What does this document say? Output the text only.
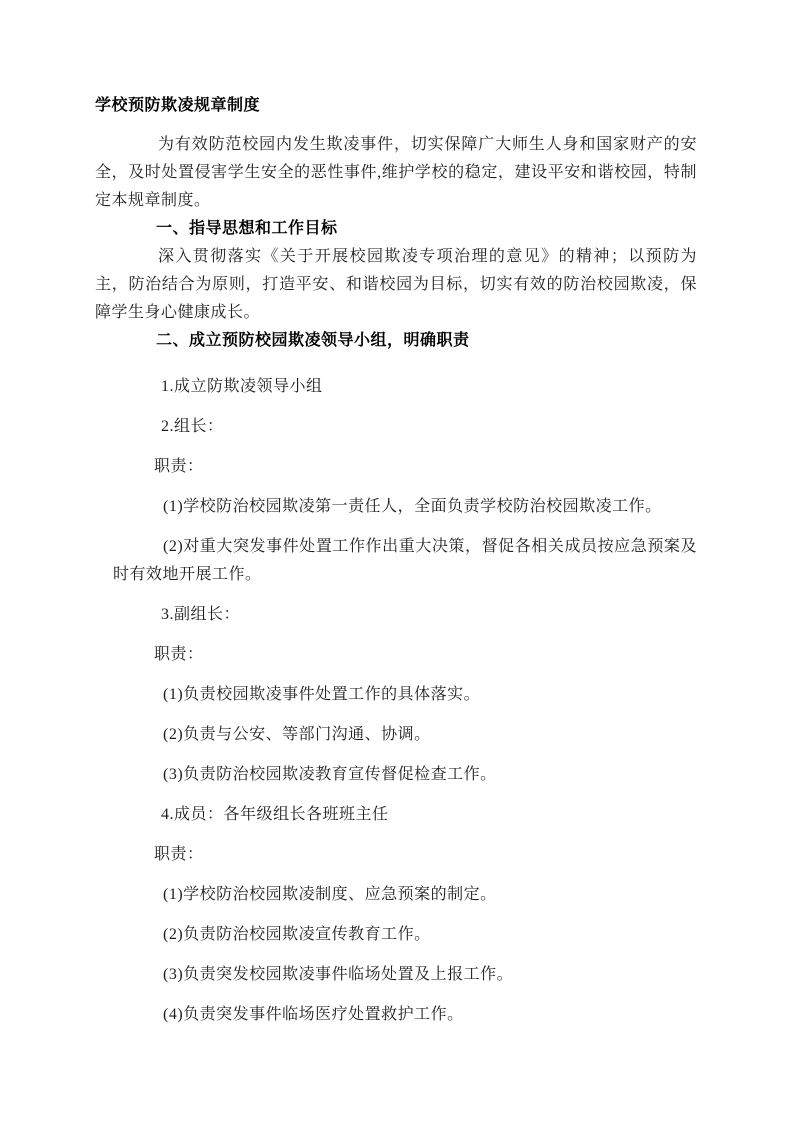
学校预防欺凌规章制度

为有效防范校园内发生欺凌事件，切实保障广大师生人身和国家财产的安全，及时处置侵害学生安全的恶性事件,维护学校的稳定，建设平安和谐校园，特制定本规章制度。

一、指导思想和工作目标

深入贯彻落实《关于开展校园欺凌专项治理的意见》的精神；以预防为主，防治结合为原则，打造平安、和谐校园为目标，切实有效的防治校园欺凌，保障学生身心健康成长。

二、成立预防校园欺凌领导小组，明确职责

1.成立防欺凌领导小组

2.组长：

职责：

(1)学校防治校园欺凌第一责任人，全面负责学校防治校园欺凌工作。

(2)对重大突发事件处置工作作出重大决策，督促各相关成员按应急预案及时有效地开展工作。

3.副组长：

职责：

(1)负责校园欺凌事件处置工作的具体落实。

(2)负责与公安、等部门沟通、协调。

(3)负责防治校园欺凌教育宣传督促检查工作。

4.成员：各年级组长各班班主任

职责：

(1)学校防治校园欺凌制度、应急预案的制定。

(2)负责防治校园欺凌宣传教育工作。

(3)负责突发校园欺凌事件临场处置及上报工作。

(4)负责突发事件临场医疗处置救护工作。
